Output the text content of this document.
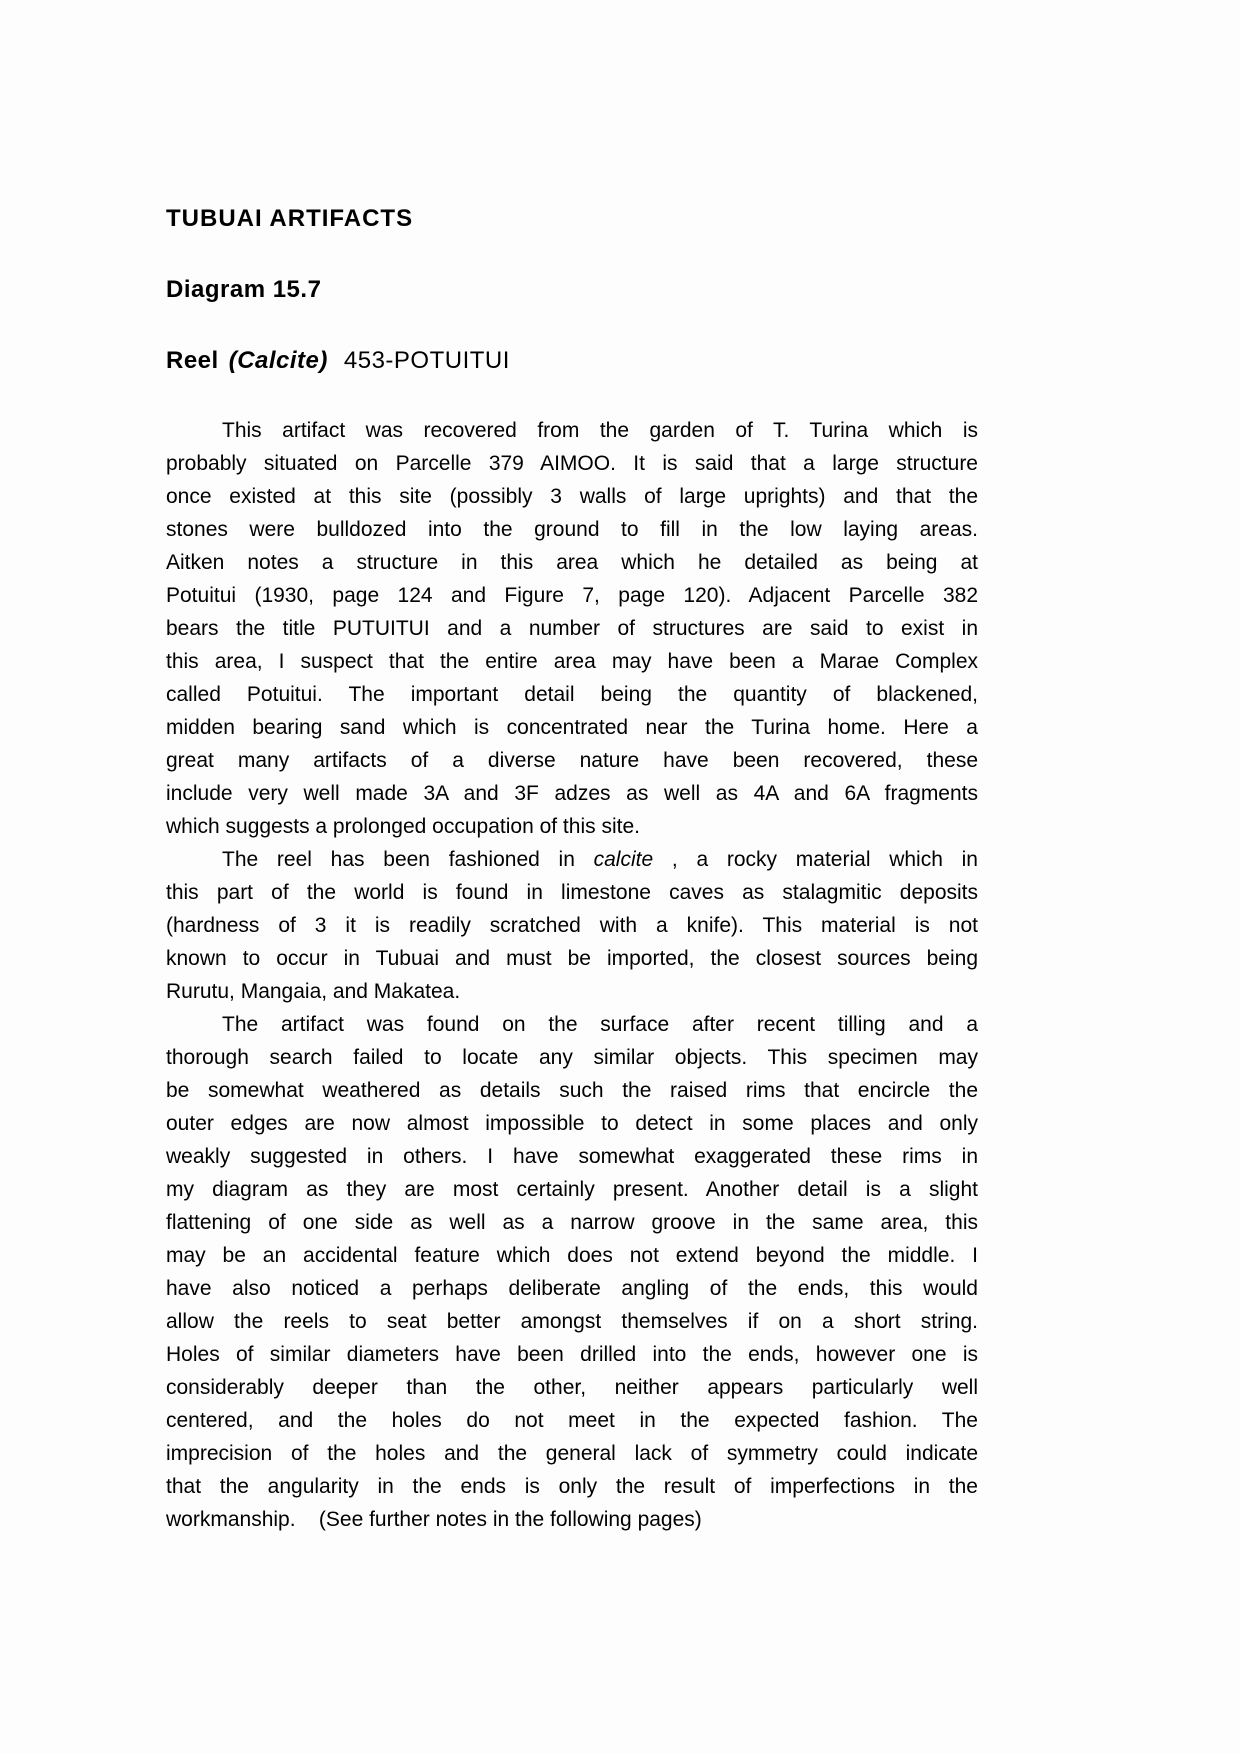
TUBUAI ARTIFACTS
Diagram 15.7
Reel (Calcite) 453-POTUITUI
This artifact was recovered from the garden of T. Turina which is
probably situated on Parcelle 379 AIMOO. It is said that a large structure
once existed at this site (possibly 3 walls of large uprights) and that the
stones were bulldozed into the ground to fill in the low laying areas.
Aitken notes a structure in this area which he detailed as being at
Potuitui (1930, page 124 and Figure 7, page 120). Adjacent Parcelle 382
bears the title PUTUITUI and a number of structures are said to exist in
this area, I suspect that the entire area may have been a Marae Complex
called Potuitui. The important detail being the quantity of blackened,
midden bearing sand which is concentrated near the Turina home. Here a
great many artifacts of a diverse nature have been recovered, these
include very well made 3A and 3F adzes as well as 4A and 6A fragments
which suggests a prolonged occupation of this site.
The reel has been fashioned in calcite , a rocky material which in
this part of the world is found in limestone caves as stalagmitic deposits
(hardness of 3 it is readily scratched with a knife). This material is not
known to occur in Tubuai and must be imported, the closest sources being
Rurutu, Mangaia, and Makatea.
The artifact was found on the surface after recent tilling and a
thorough search failed to locate any similar objects. This specimen may
be somewhat weathered as details such the raised rims that encircle the
outer edges are now almost impossible to detect in some places and only
weakly suggested in others. I have somewhat exaggerated these rims in
my diagram as they are most certainly present. Another detail is a slight
flattening of one side as well as a narrow groove in the same area, this
may be an accidental feature which does not extend beyond the middle. I
have also noticed a perhaps deliberate angling of the ends, this would
allow the reels to seat better amongst themselves if on a short string.
Holes of similar diameters have been drilled into the ends, however one is
considerably deeper than the other, neither appears particularly well
centered, and the holes do not meet in the expected fashion. The
imprecision of the holes and the general lack of symmetry could indicate
that the angularity in the ends is only the result of imperfections in the
workmanship.    (See further notes in the following pages)
